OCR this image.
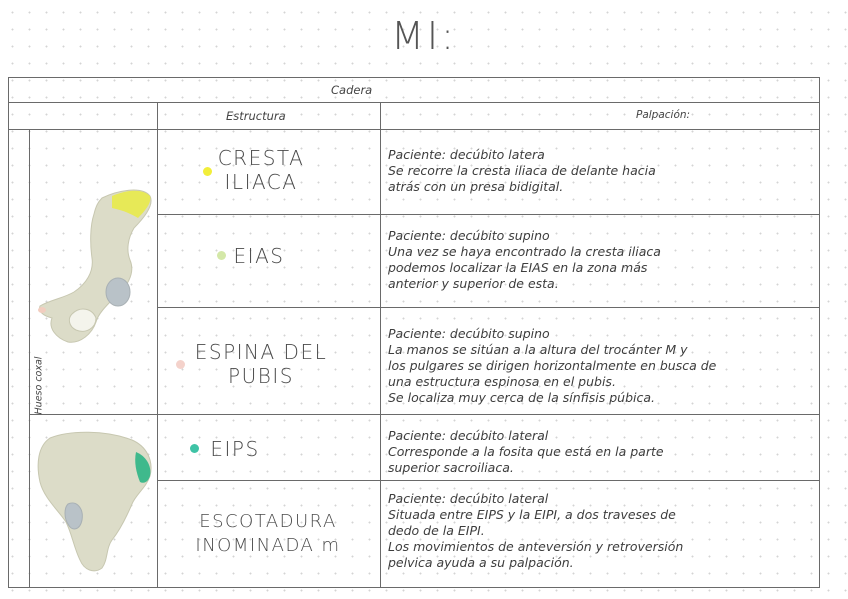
MI:
Cadera
Estructura	Palpación:
Hueso coxal
CRESTA
ILIACA
Paciente: decúbito latera
Se recorre la cresta iliaca de delante hacia
atrás con un presa bidigital.
EIAS
Paciente: decúbito supino
Una vez se haya encontrado la cresta iliaca
podemos localizar la EIAS en la zona más
anterior y superior de esta.
ESPINA DEL
PUBIS
Paciente: decúbito supino
La manos se sitúan a la altura del trocánter M y
los pulgares se dirigen horizontalmente en busca de
una estructura espinosa en el pubis.
Se localiza muy cerca de la sínfisis púbica.
EIPS
Paciente: decúbito lateral
Corresponde a la fosita que está en la parte
superior sacroiliaca.
ESCOTADURA
INOMINADA m
Paciente: decúbito lateral
Situada entre EIPS y la EIPI, a dos traveses de
dedo de la EIPI.
Los movimientos de anteversión y retroversión
pelvica ayuda a su palpación.
